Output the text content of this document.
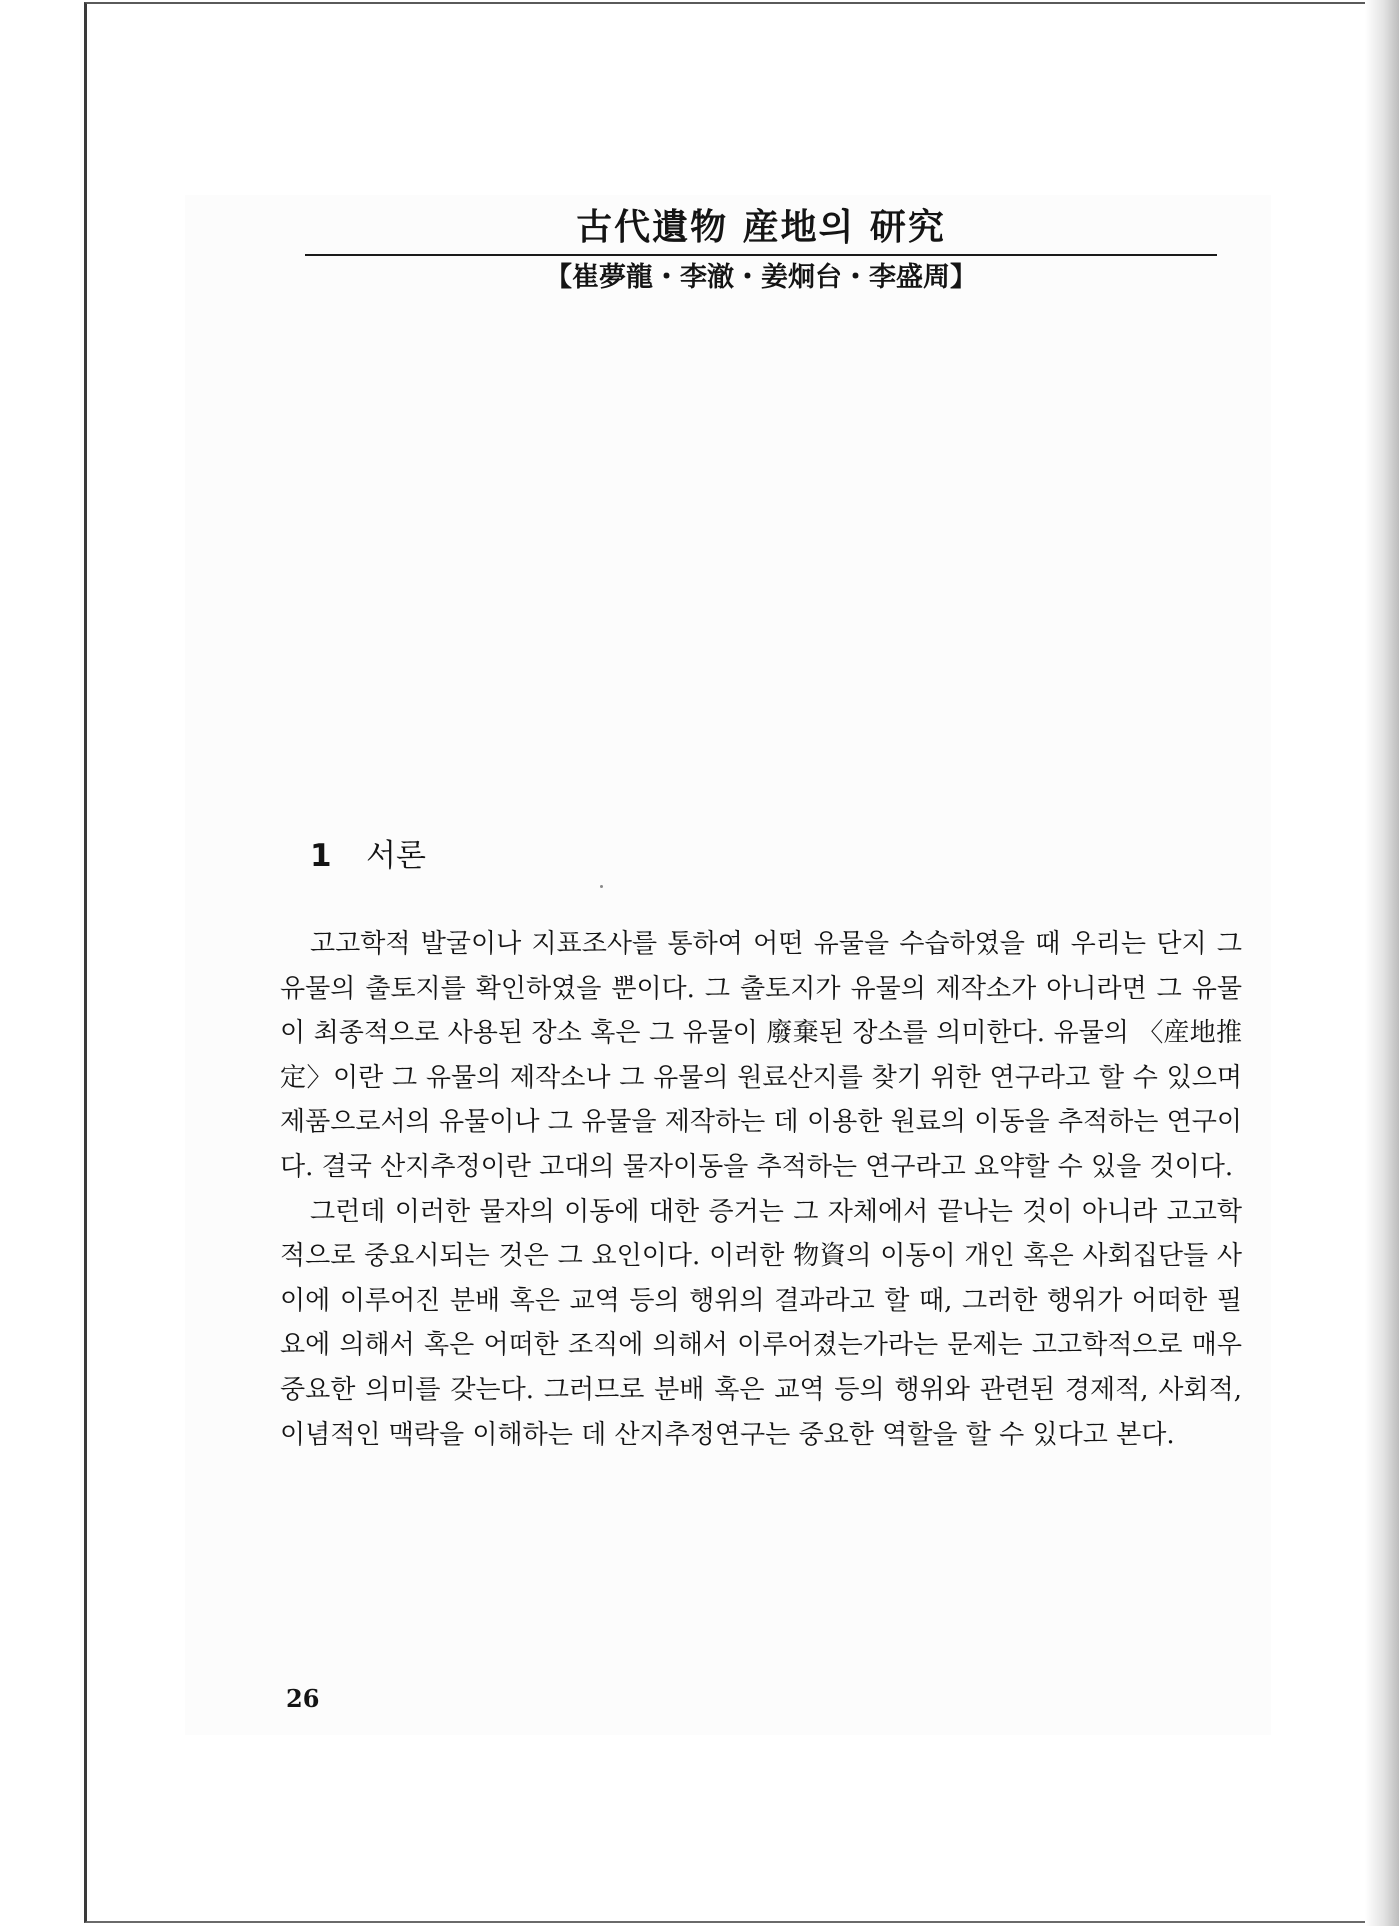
古代遺物 産地의 研究
【崔夢龍・李澈・姜炯台・李盛周】
1 서론

고고학적 발굴이나 지표조사를 통하여 어떤 유물을 수습하였을 때 우리는 단지 그 유물의 출토지를 확인하였을 뿐이다. 그 출토지가 유물의 제작소가 아니라면 그 유물이 최종적으로 사용된 장소 혹은 그 유물이 廢棄된 장소를 의미한다. 유물의 〈産地推定〉이란 그 유물의 제작소나 그 유물의 원료산지를 찾기 위한 연구라고 할 수 있으며 제품으로서의 유물이나 그 유물을 제작하는 데 이용한 원료의 이동을 추적하는 연구이다. 결국 산지추정이란 고대의 물자이동을 추적하는 연구라고 요약할 수 있을 것이다.

그런데 이러한 물자의 이동에 대한 증거는 그 자체에서 끝나는 것이 아니라 고고학적으로 중요시되는 것은 그 요인이다. 이러한 物資의 이동이 개인 혹은 사회집단들 사이에 이루어진 분배 혹은 교역 등의 행위의 결과라고 할 때, 그러한 행위가 어떠한 필요에 의해서 혹은 어떠한 조직에 의해서 이루어졌는가라는 문제는 고고학적으로 매우 중요한 의미를 갖는다. 그러므로 분배 혹은 교역 등의 행위와 관련된 경제적, 사회적, 이념적인 맥락을 이해하는 데 산지추정연구는 중요한 역할을 할 수 있다고 본다.

26
